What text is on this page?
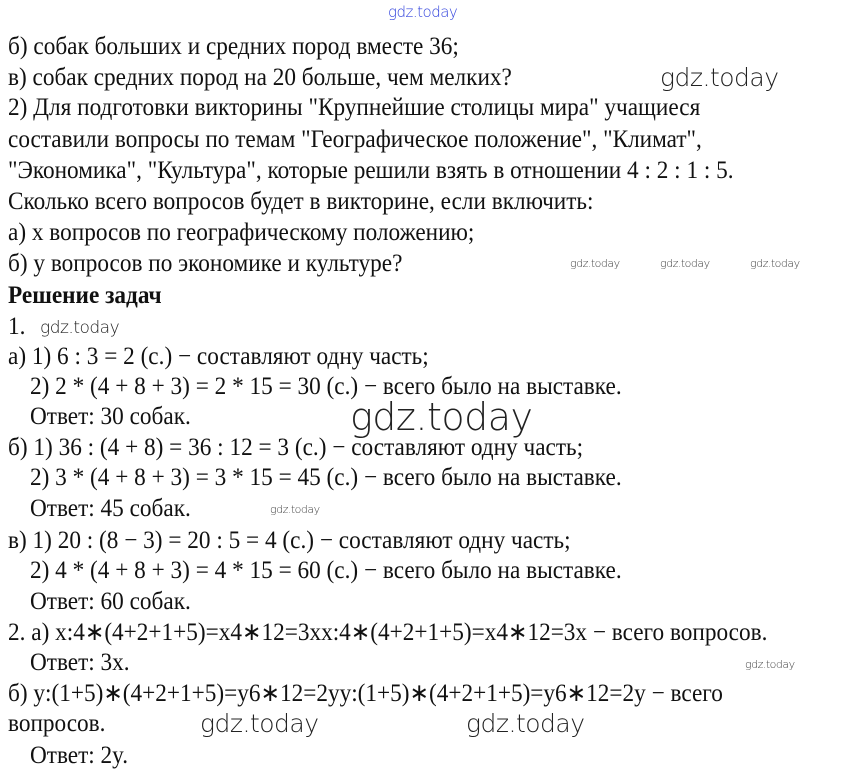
б) собак больших и средних пород вместе 36;
в) собак средних пород на 20 больше, чем мелких?
2) Для подготовки викторины "Крупнейшие столицы мира" учащиеся
составили вопросы по темам "Географическое положение", "Климат",
"Экономика", "Культура", которые решили взять в отношении 4 : 2 : 1 : 5.
Сколько всего вопросов будет в викторине, если включить:
а) x вопросов по географическому положению;
б) y вопросов по экономике и культуре?
Решение задач
1.
а) 1) 6 : 3 = 2 (с.) − составляют одну часть;
2) 2 * (4 + 8 + 3) = 2 * 15 = 30 (с.) − всего было на выставке.
Ответ: 30 собак.
б) 1) 36 : (4 + 8) = 36 : 12 = 3 (с.) − составляют одну часть;
2) 3 * (4 + 8 + 3) = 3 * 15 = 45 (с.) − всего было на выставке.
Ответ: 45 собак.
в) 1) 20 : (8 − 3) = 20 : 5 = 4 (с.) − составляют одну часть;
2) 4 * (4 + 8 + 3) = 4 * 15 = 60 (с.) − всего было на выставке.
Ответ: 60 собак.
2. а) x:4∗(4+2+1+5)=x4∗12=3xx:4∗(4+2+1+5)=x4∗12=3x − всего вопросов.
Ответ: 3x.
б) y:(1+5)∗(4+2+1+5)=y6∗12=2yy:(1+5)∗(4+2+1+5)=y6∗12=2y − всего
вопросов.
Ответ: 2y.
gdz.today
gdz.today
gdz.today	gdz.today	gdz.today
gdz.today
gdz.today
gdz.today
gdz.today
gdz.today	gdz.today
